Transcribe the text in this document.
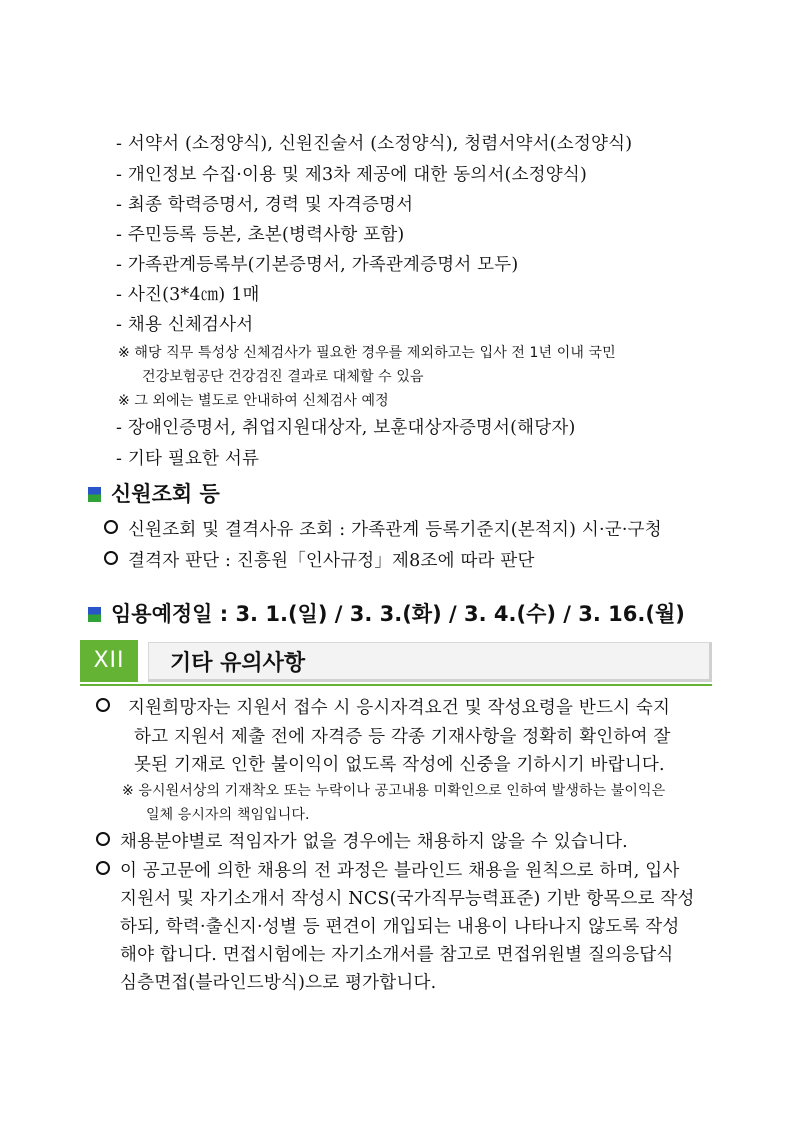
- 서약서 (소정양식), 신원진술서 (소정양식), 청렴서약서(소정양식)
- 개인정보 수집·이용 및 제3차 제공에 대한 동의서(소정양식)
- 최종 학력증명서, 경력 및 자격증명서
- 주민등록 등본, 초본(병력사항 포함)
- 가족관계등록부(기본증명서, 가족관계증명서 모두)
- 사진(3*4㎝) 1매
- 채용 신체검사서
※ 해당 직무 특성상 신체검사가 필요한 경우를 제외하고는 입사 전 1년 이내 국민
건강보험공단 건강검진 결과로 대체할 수 있음
※ 그 외에는 별도로 안내하여 신체검사 예정
- 장애인증명서, 취업지원대상자, 보훈대상자증명서(해당자)
- 기타 필요한 서류
신원조회 등
신원조회 및 결격사유 조회 : 가족관계 등록기준지(본적지) 시·군·구청
결격자 판단 : 진흥원「인사규정」제8조에 따라 판단
임용예정일 : 3. 1.(일) / 3. 3.(화) / 3. 4.(수) / 3. 16.(월)
XII	기타 유의사항
지원희망자는 지원서 접수 시 응시자격요건 및 작성요령을 반드시 숙지
하고 지원서 제출 전에 자격증 등 각종 기재사항을 정확히 확인하여 잘
못된 기재로 인한 불이익이 없도록 작성에 신중을 기하시기 바랍니다.
※ 응시원서상의 기재착오 또는 누락이나 공고내용 미확인으로 인하여 발생하는 불이익은
일체 응시자의 책임입니다.
채용분야별로 적임자가 없을 경우에는 채용하지 않을 수 있습니다.
이 공고문에 의한 채용의 전 과정은 블라인드 채용을 원칙으로 하며, 입사
지원서 및 자기소개서 작성시 NCS(국가직무능력표준) 기반 항목으로 작성
하되, 학력·출신지·성별 등 편견이 개입되는 내용이 나타나지 않도록 작성
해야 합니다. 면접시험에는 자기소개서를 참고로 면접위원별 질의응답식
심층면접(블라인드방식)으로 평가합니다.
